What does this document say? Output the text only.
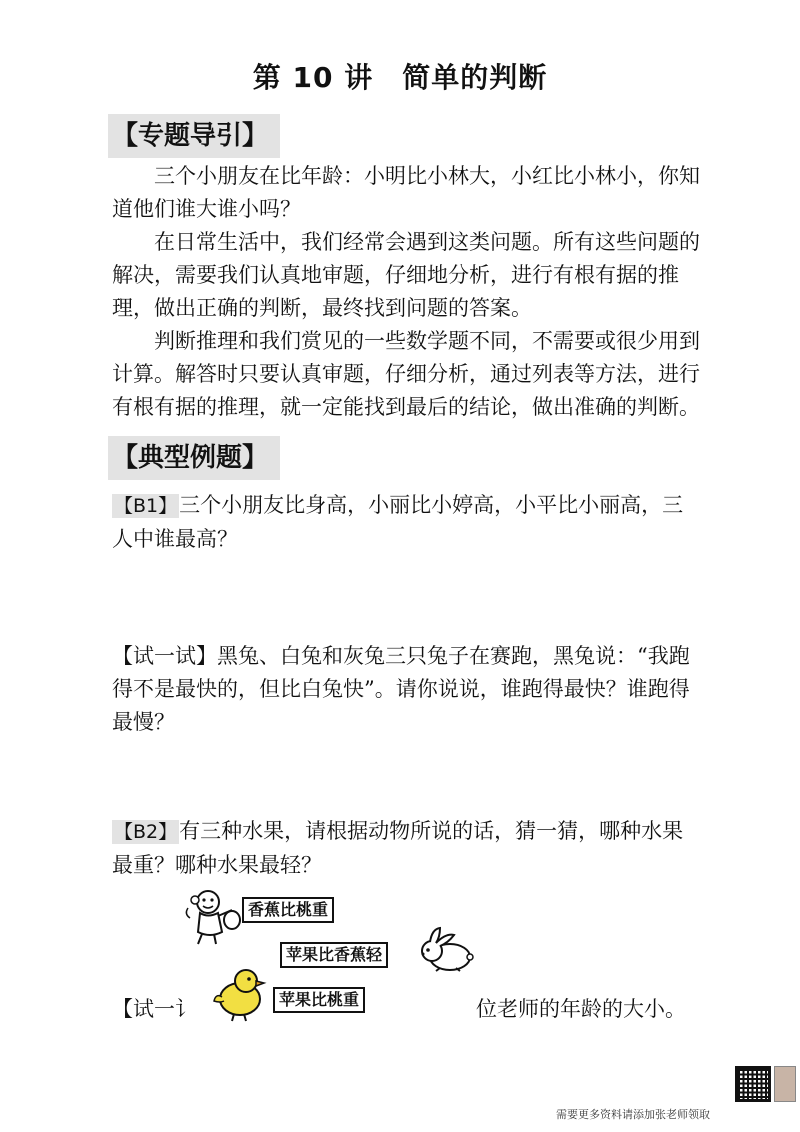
第 10 讲　简单的判断
【专题导引】

三个小朋友在比年龄：小明比小林大，小红比小林小，你知道他们谁大谁小吗？

在日常生活中，我们经常会遇到这类问题。所有这些问题的解决，需要我们认真地审题，仔细地分析，进行有根有据的推理，做出正确的判断，最终找到问题的答案。

判断推理和我们赏见的一些数学题不同，不需要或很少用到计算。解答时只要认真审题，仔细分析，通过列表等方法，进行有根有据的推理，就一定能找到最后的结论，做出准确的判断。

【典型例题】

【B1】三个小朋友比身高，小丽比小婷高，小平比小丽高，三人中谁最高？

【试一试】黑兔、白兔和灰兔三只兔子在赛跑，黑兔说：“我跑得不是最快的，但比白兔快”。请你说说，谁跑得最快？谁跑得最慢？

【B2】有三种水果，请根据动物所说的话，猜一猜，哪种水果最重？哪种水果最轻？

香蕉比桃重
苹果比香蕉轻
【试一讠	苹果比桃重	位老师的年龄的大小。
需要更多资料请添加张老师领取
